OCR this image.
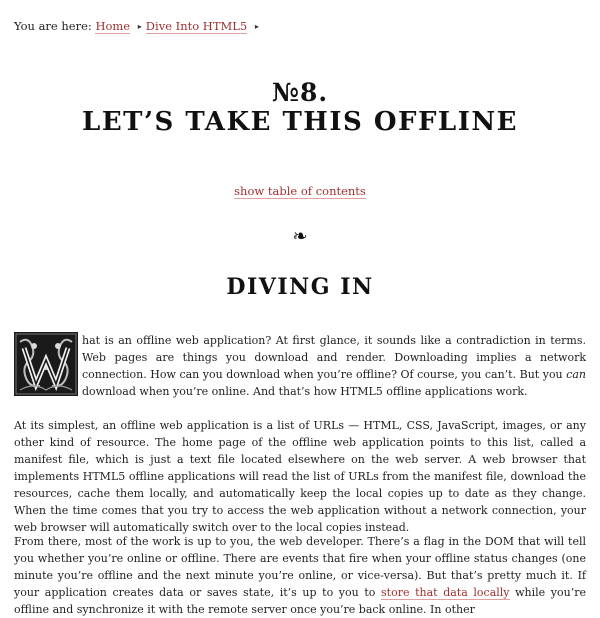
You are here: Home ▸ Dive Into HTML5 ▸
№8.
LET’S TAKE THIS OFFLINE
show table of contents
❧
DIVING IN
hat is an offline web application? At first glance, it sounds like a contradiction in terms. Web pages are things you download and render. Downloading implies a network connection. How can you download when you’re offline? Of course, you can’t. But you can download when you’re online. And that’s how HTML5 offline applications work.
At its simplest, an offline web application is a list of URLs — HTML, CSS, JavaScript, images, or any other kind of resource. The home page of the offline web application points to this list, called a manifest file, which is just a text file located elsewhere on the web server. A web browser that implements HTML5 offline applications will read the list of URLs from the manifest file, download the resources, cache them locally, and automatically keep the local copies up to date as they change. When the time comes that you try to access the web application without a network connection, your web browser will automatically switch over to the local copies instead.
From there, most of the work is up to you, the web developer. There’s a flag in the DOM that will tell you whether you’re online or offline. There are events that fire when your offline status changes (one minute you’re offline and the next minute you’re online, or vice-versa). But that’s pretty much it. If your application creates data or saves state, it’s up to you to store that data locally while you’re offline and synchronize it with the remote server once you’re back online. In other
